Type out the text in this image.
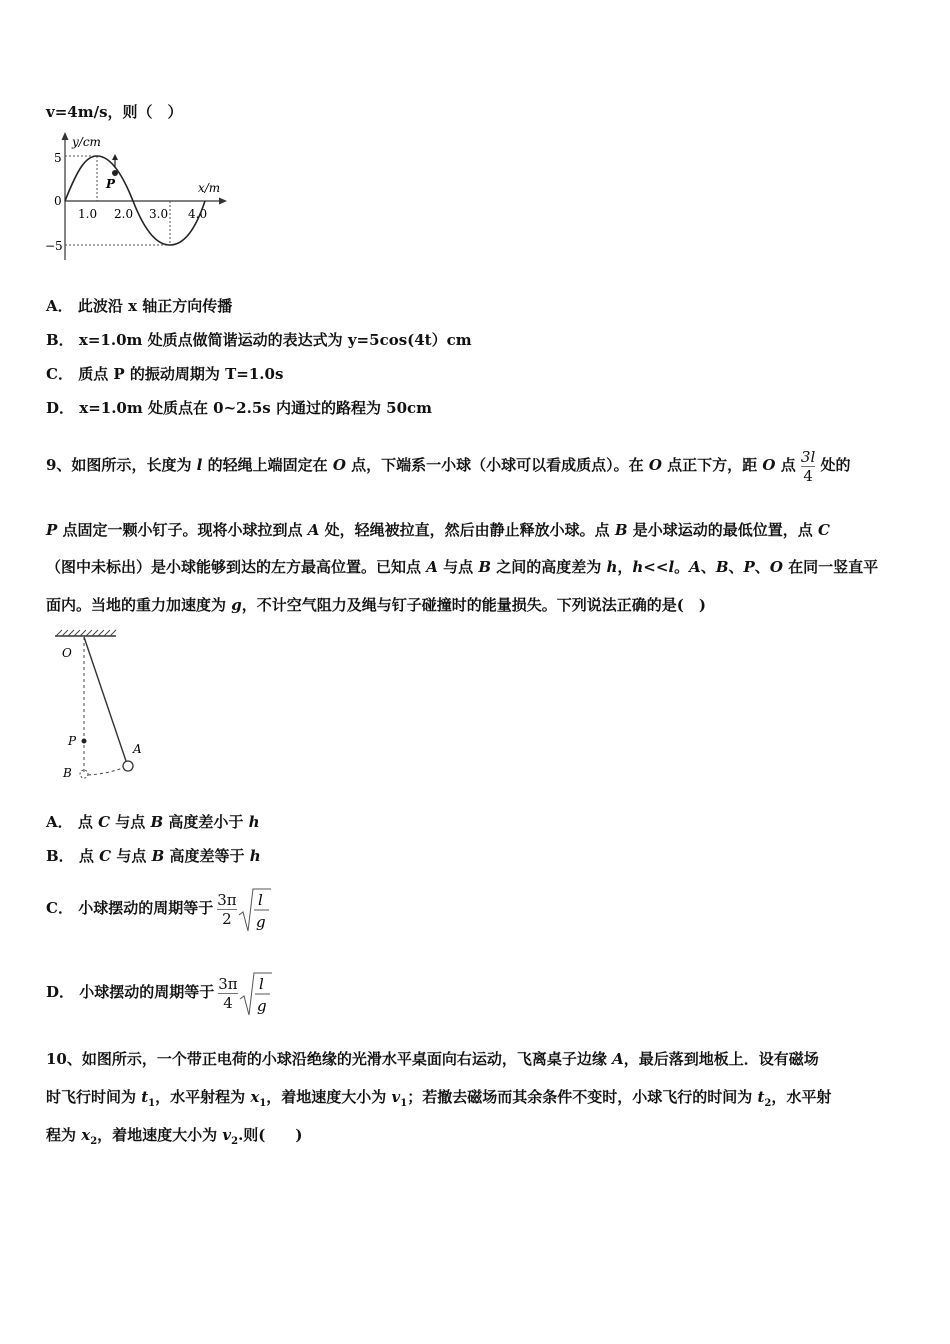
v=4m/s，则（　）
y/cm
x/m
5
0
−5
1.0 2.0 3.0 4.0
P
A． 此波沿 x 轴正方向传播
B． x=1.0m 处质点做简谐运动的表达式为 y=5cos(4t）cm
C． 质点 P 的振动周期为 T=1.0s
D． x=1.0m 处质点在 0~2.5s 内通过的路程为 50cm
9、如图所示，长度为 l 的轻绳上端固定在 O 点，下端系一小球（小球可以看成质点）。在 O 点正下方，距 O 点 $\frac{3l}{4}$ 处的
P 点固定一颗小钉子。现将小球拉到点 A 处，轻绳被拉直，然后由静止释放小球。点 B 是小球运动的最低位置，点 C
（图中未标出）是小球能够到达的左方最高位置。已知点 A 与点 B 之间的高度差为 h，h<<l。A、B、P、O 在同一竖直平
面内。当地的重力加速度为 g，不计空气阻力及绳与钉子碰撞时的能量损失。下列说法正确的是(　)
O
P
A
B
A． 点 C 与点 B 高度差小于 h
B． 点 C 与点 B 高度差等于 h
C． 小球摆动的周期等于 $\frac{3\pi}{2}$ l
g
D． 小球摆动的周期等于 $\frac{3\pi}{4}$ l
g
10、如图所示，一个带正电荷的小球沿绝缘的光滑水平桌面向右运动，飞离桌子边缘 A，最后落到地板上．设有磁场
时飞行时间为 $t_1$，水平射程为 $x_1$，着地速度大小为 $v_1$；若撤去磁场而其余条件不变时，小球飞行的时间为 $t_2$，水平射
程为 $x_2$，着地速度大小为 $v_2$.则(　　)
